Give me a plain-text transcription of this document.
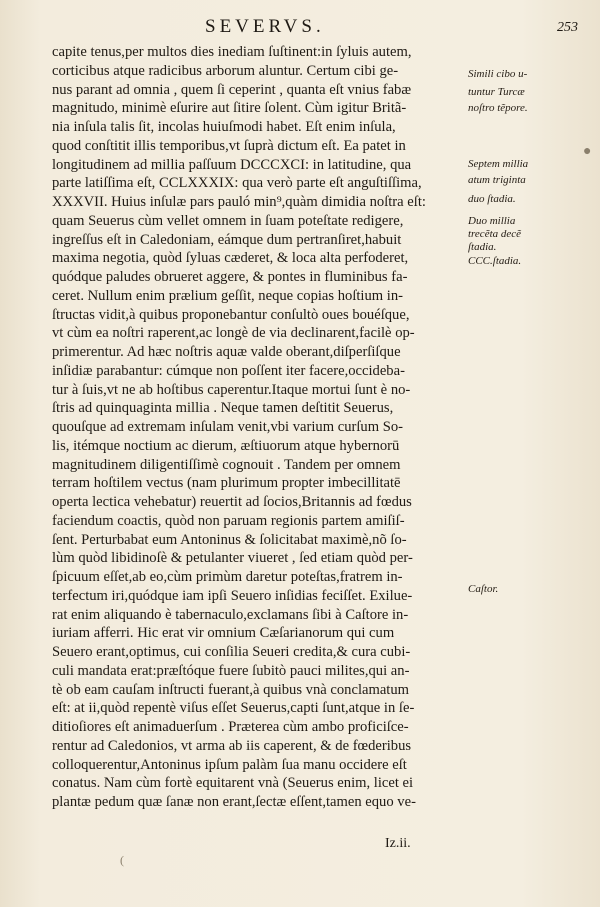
SEVERVS.	253
capite tenus,per multos dies inediam ſuſtinent:in ſyluis autem,
corticibus atque radicibus arborum aluntur. Certum cibi ge-
nus parant ad omnia , quem ſi ceperint , quanta eſt vnius fabæ
magnitudo, minimè eſurire aut ſitire ſolent. Cùm igitur Britã-
nia inſula talis ſit, incolas huiuſmodi habet. Eſt enim inſula,
quod conſtitit illis temporibus,vt ſuprà dictum eſt. Ea patet in
longitudinem ad millia paſſuum DCCCXCI: in latitudine, qua
parte latiſſima eſt, CCLXXXIX: qua verò parte eſt anguſtiſſima,
XXXVII. Huius inſulæ pars pauló min⁹,quàm dimidia noſtra eſt:
quam Seuerus cùm vellet omnem in ſuam poteſtate redigere,
ingreſſus eſt in Caledoniam, eámque dum pertranſiret,habuit
maxima negotia, quòd ſyluas cæderet, & loca alta perfoderet,
quódque paludes obrueret aggere, & pontes in fluminibus fa-
ceret. Nullum enim prælium geſſit, neque copias hoſtium in-
ſtructas vidit,à quibus proponebantur conſultò oues bouéſque,
vt cùm ea noſtri raperent,ac longè de via declinarent,facilè op-
primerentur. Ad hæc noſtris aquæ valde oberant,diſperſiſque
inſidiæ parabantur: cúmque non poſſent iter facere,occideba-
tur à ſuis,vt ne ab hoſtibus caperentur.Itaque mortui ſunt è no-
ſtris ad quinquaginta millia . Neque tamen deſtitit Seuerus,
quouſque ad extremam inſulam venit,vbi varium curſum So-
lis, itémque noctium ac dierum, æſtiuorum atque hybernorū
magnitudinem diligentiſſimè cognouit . Tandem per omnem
terram hoſtilem vectus (nam plurimum propter imbecillitatē
operta lectica vehebatur) reuertit ad ſocios,Britannis ad fœdus
faciendum coactis, quòd non paruam regionis partem amiſiſ-
ſent. Perturbabat eum Antoninus & ſolicitabat maximè,nõ ſo-
lùm quòd libidinoſè & petulanter viueret , ſed etiam quòd per-
ſpicuum eſſet,ab eo,cùm primùm daretur poteſtas,fratrem in-
terfectum iri,quódque iam ipſi Seuero inſidias feciſſet. Exilue-
rat enim aliquando è tabernaculo,exclamans ſibi à Caſtore in-
iuriam afferri. Hic erat vir omnium Cæſarianorum qui cum
Seuero erant,optimus, cui conſilia Seueri credita,& cura cubi-
culi mandata erat:præſtóque fuere ſubitò pauci milites,qui an-
tè ob eam cauſam inſtructi fuerant,à quibus vnà conclamatum
eſt: at ii,quòd repentè viſus eſſet Seuerus,capti ſunt,atque in ſe-
ditioſiores eſt animaduerſum . Præterea cùm ambo proficiſce-
rentur ad Caledonios, vt arma ab iis caperent, & de fœderibus
colloquerentur,Antoninus ipſum palàm ſua manu occidere eſt
conatus. Nam cùm fortè equitarent vnà (Seuerus enim, licet ei
plantæ pedum quæ ſanæ non erant,ſectæ eſſent,tamen equo ve-
Iz.ii.
Simili cibo u-
tuntur Turcæ
noſtro tẽpore.
Septem millia
atum triginta
duo ſtadia.
Duo millia
trecẽta decẽ
ſtadia.
CCC.ſtadia.
Caſtor.
●
(
